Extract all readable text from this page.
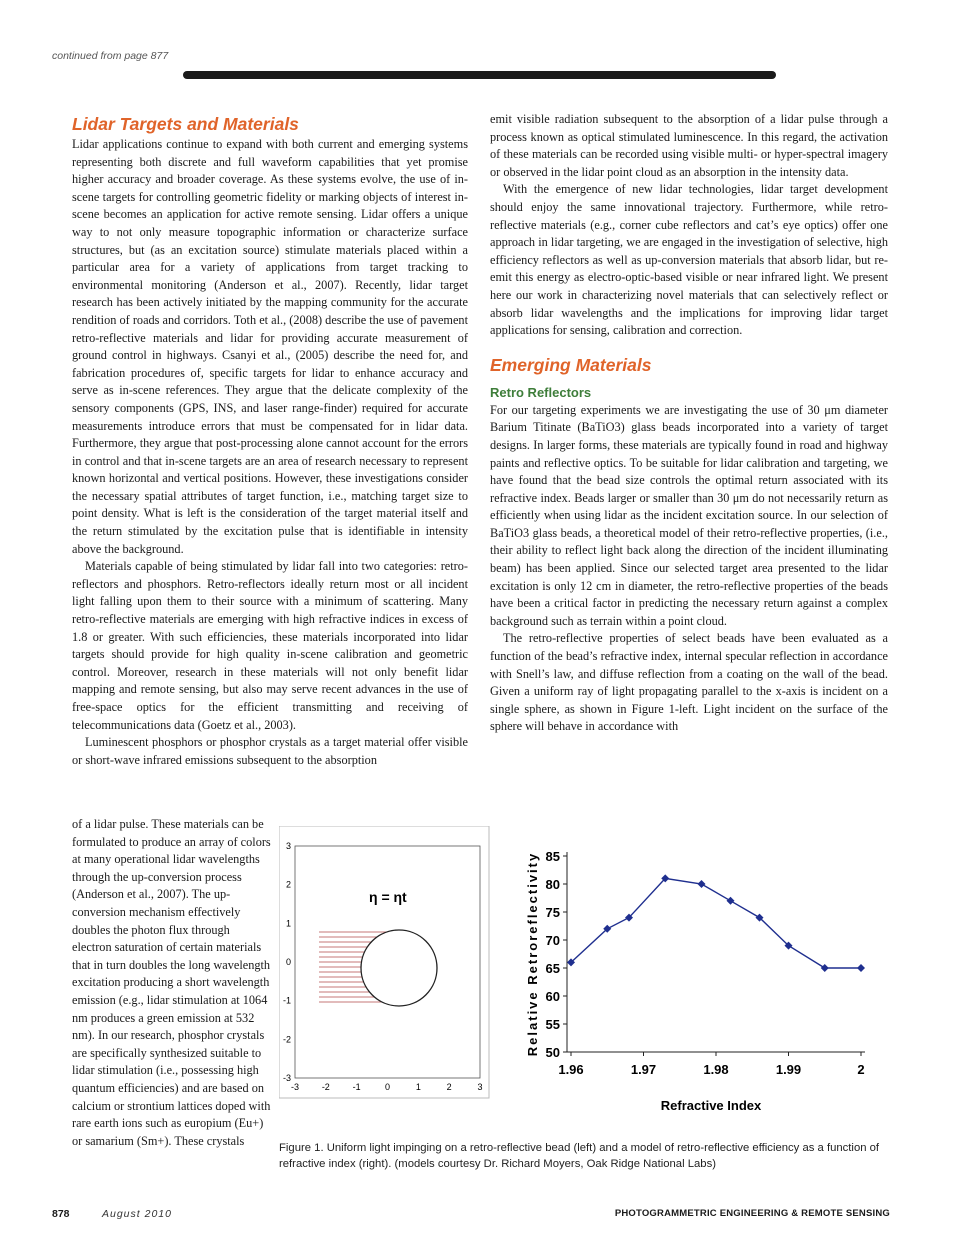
continued from page 877
Lidar Targets and Materials

Lidar applications continue to expand with both current and emerging systems representing both discrete and full waveform capabilities that yet promise higher accuracy and broader coverage. As these systems evolve, the use of in-scene targets for controlling geometric fidelity or marking objects of interest in-scene becomes an application for active remote sensing. Lidar offers a unique way to not only measure topographic information or characterize surface structures, but (as an excitation source) stimulate materials placed within a particular area for a variety of applications from target tracking to environmental monitoring (Anderson et al., 2007). Recently, lidar target research has been actively initiated by the mapping community for the accurate rendition of roads and corridors. Toth et al., (2008) describe the use of pavement retro-reflective materials and lidar for providing accurate measurement of ground control in highways. Csanyi et al., (2005) describe the need for, and fabrication procedures of, specific targets for lidar to enhance accuracy and serve as in-scene references. They argue that the delicate complexity of the sensory components (GPS, INS, and laser range-finder) required for accurate measurements introduce errors that must be compensated for in lidar data. Furthermore, they argue that post-processing alone cannot account for the errors in control and that in-scene targets are an area of research necessary to represent known horizontal and vertical positions. However, these investigations consider the necessary spatial attributes of target function, i.e., matching target size to point density. What is left is the consideration of the target material itself and the return stimulated by the excitation pulse that is identifiable in intensity above the background.

Materials capable of being stimulated by lidar fall into two categories: retro-reflectors and phosphors. Retro-reflectors ideally return most or all incident light falling upon them to their source with a minimum of scattering. Many retro-reflective materials are emerging with high refractive indices in excess of 1.8 or greater. With such efficiencies, these materials incorporated into lidar targets should provide for high quality in-scene calibration and geometric control. Moreover, research in these materials will not only benefit lidar mapping and remote sensing, but also may serve recent advances in the use of free-space optics for the efficient transmitting and receiving of telecommunications data (Goetz et al., 2003).

Luminescent phosphors or phosphor crystals as a target material offer visible or short-wave infrared emissions subsequent to the absorption

of a lidar pulse. These materials can be formulated to produce an array of colors at many operational lidar wavelengths through the up-conversion process (Anderson et al., 2007). The up-conversion mechanism effectively doubles the photon flux through electron saturation of certain materials that in turn doubles the long wavelength excitation producing a short wavelength emission (e.g., lidar stimulation at 1064 nm produces a green emission at 532 nm). In our research, phosphor crystals are specifically synthesized suitable to lidar stimulation (i.e., possessing high quantum efficiencies) and are based on calcium or strontium lattices doped with rare earth ions such as europium (Eu+) or samarium (Sm+). These crystals

emit visible radiation subsequent to the absorption of a lidar pulse through a process known as optical stimulated luminescence. In this regard, the activation of these materials can be recorded using visible multi- or hyper-spectral imagery or observed in the lidar point cloud as an absorption in the intensity data.

With the emergence of new lidar technologies, lidar target development should enjoy the same innovational trajectory. Furthermore, while retro-reflective materials (e.g., corner cube reflectors and cat’s eye optics) offer one approach in lidar targeting, we are engaged in the investigation of selective, high efficiency reflectors as well as up-conversion materials that absorb lidar, but re-emit this energy as electro-optic-based visible or near infrared light. We present here our work in characterizing novel materials that can selectively reflect or absorb lidar wavelengths and the implications for improving lidar target applications for sensing, calibration and correction.

Emerging Materials
Retro Reflectors

For our targeting experiments we are investigating the use of 30 μm diameter Barium Titinate (BaTiO3) glass beads incorporated into a variety of target designs. In larger forms, these materials are typically found in road and highway paints and reflective optics. To be suitable for lidar calibration and targeting, we have found that the bead size controls the optimal return associated with its refractive index. Beads larger or smaller than 30 μm do not necessarily return as efficiently when using lidar as the incident excitation source. In our selection of BaTiO3 glass beads, a theoretical model of their retro-reflective properties, (i.e., their ability to reflect light back along the direction of the incident illuminating beam) has been applied. Since our selected target area presented to the lidar excitation is only 12 cm in diameter, the retro-reflective properties of the beads have been a critical factor in predicting the necessary return against a complex background such as terrain within a point cloud.

The retro-reflective properties of select beads have been evaluated as a function of the bead’s refractive index, internal specular reflection in accordance with Snell’s law, and diffuse reflection from a coating on the wall of the bead. Given a uniform ray of light propagating parallel to the x-axis is incident on a single sphere, as shown in Figure 1-left. Light incident on the surface of the sphere will behave in accordance with

η = ηt
-3	-2	-1	0	1	2	3
3
2
1
0
-1
-2
-3
85
80
75
70
65
60
55
50
1.96	1.97	1.98	1.99	2
Refractive Index
Relative Retroreflectivity
Figure 1. Uniform light impinging on a retro-reflective bead (left) and a model of retro-reflective efficiency as a function of refractive index (right). (models courtesy Dr. Richard Moyers, Oak Ridge National Labs)
878	August 2010	PHOTOGRAMMETRIC ENGINEERING & REMOTE SENSING
